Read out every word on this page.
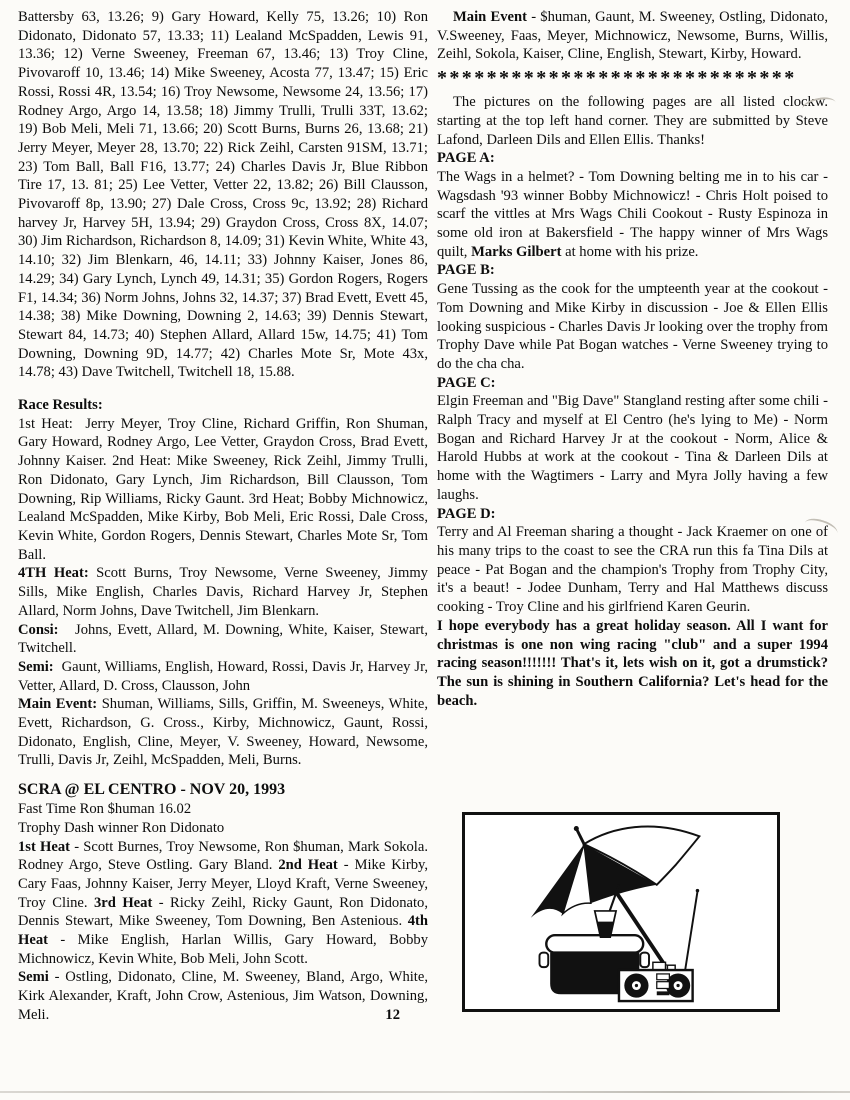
Battersby 63, 13.26; 9) Gary Howard, Kelly 75, 13.26; 10) Ron Didonato, Didonato 57, 13.33; 11) Lealand McSpadden, Lewis 91, 13.36; 12) Verne Sweeney, Freeman 67, 13.46; 13) Troy Cline, Pivovaroff 10, 13.46; 14) Mike Sweeney, Acosta 77, 13.47; 15) Eric Rossi, Rossi 4R, 13.54; 16) Troy Newsome, Newsome 24, 13.56; 17) Rodney Argo, Argo 14, 13.58; 18) Jimmy Trulli, Trulli 33T, 13.62; 19) Bob Meli, Meli 71, 13.66; 20) Scott Burns, Burns 26, 13.68; 21) Jerry Meyer, Meyer 28, 13.70; 22) Rick Zeihl, Carsten 91SM, 13.71; 23) Tom Ball, Ball F16, 13.77; 24) Charles Davis Jr, Blue Ribbon Tire 17, 13. 81; 25) Lee Vetter, Vetter 22, 13.82; 26) Bill Clausson, Pivovaroff 8p, 13.90; 27) Dale Cross, Cross 9c, 13.92; 28) Richard harvey Jr, Harvey 5H, 13.94; 29) Graydon Cross, Cross 8X, 14.07; 30) Jim Richardson, Richardson 8, 14.09; 31) Kevin White, White 43, 14.10; 32) Jim Blenkarn, 46, 14.11; 33) Johnny Kaiser, Jones 86, 14.29; 34) Gary Lynch, Lynch 49, 14.31; 35) Gordon Rogers, Rogers F1, 14.34; 36) Norm Johns, Johns 32, 14.37; 37) Brad Evett, Evett 45, 14.38; 38) Mike Downing, Downing 2, 14.63; 39) Dennis Stewart, Stewart 84, 14.73; 40) Stephen Allard, Allard 15w, 14.75; 41) Tom Downing, Downing 9D, 14.77; 42) Charles Mote Sr, Mote 43x, 14.78; 43) Dave Twitchell, Twitchell 18, 15.88.

Race Results:

1st Heat:  Jerry Meyer, Troy Cline, Richard Griffin, Ron Shuman, Gary Howard, Rodney Argo, Lee Vetter, Graydon Cross, Brad Evett, Johnny Kaiser. 2nd Heat: Mike Sweeney, Rick Zeihl, Jimmy Trulli, Ron Didonato, Gary Lynch, Jim Richardson, Bill Clausson, Tom Downing, Rip Williams, Ricky Gaunt. 3rd Heat; Bobby Michnowicz, Lealand McSpadden, Mike Kirby, Bob Meli, Eric Rossi, Dale Cross, Kevin White, Gordon Rogers, Dennis Stewart, Charles Mote Sr, Tom Ball.

4TH Heat: Scott Burns, Troy Newsome, Verne Sweeney, Jimmy Sills, Mike English, Charles Davis, Richard Harvey Jr, Stephen Allard, Norm Johns, Dave Twitchell, Jim Blenkarn.

Consi:   Johns, Evett, Allard, M. Downing, White, Kaiser, Stewart, Twitchell.

Semi:  Gaunt, Williams, English, Howard, Rossi, Davis Jr, Harvey Jr, Vetter, Allard, D. Cross, Clausson, John

Main Event: Shuman, Williams, Sills, Griffin, M. Sweeneys, White, Evett, Richardson, G. Cross., Kirby, Michnowicz, Gaunt, Rossi, Didonato, English, Cline, Meyer, V. Sweeney, Howard, Newsome, Trulli, Davis Jr, Zeihl, McSpadden, Meli, Burns.

SCRA @ EL CENTRO - NOV 20, 1993

Fast Time Ron $human 16.02

Trophy Dash winner Ron Didonato

1st Heat - Scott Burnes, Troy Newsome, Ron $human, Mark Sokola. Rodney Argo, Steve Ostling. Gary Bland. 2nd Heat - Mike Kirby, Cary Faas, Johnny Kaiser, Jerry Meyer, Lloyd Kraft, Verne Sweeney, Troy Cline. 3rd Heat - Ricky Zeihl, Ricky Gaunt, Ron Didonato, Dennis Stewart, Mike Sweeney, Tom Downing, Ben Astenious. 4th Heat - Mike English, Harlan Willis, Gary Howard, Bobby Michnowicz, Kevin White, Bob Meli, John Scott.

Semi - Ostling, Didonato, Cline, M. Sweeney, Bland, Argo, White, Kirk Alexander, Kraft, John Crow, Astenious, Jim Watson, Downing, Meli.	12

Main Event - $human, Gaunt, M. Sweeney, Ostling, Didonato, V.Sweeney, Faas, Meyer, Michnowicz, Newsome, Burns, Willis, Zeihl, Sokola, Kaiser, Cline, English, Stewart, Kirby, Howard.

*****************************

The pictures on the following pages are all listed clockw. starting at the top left hand corner. They are submitted by Steve Lafond, Darleen Dils and Ellen Ellis. Thanks!

PAGE A:

The Wags in a helmet? - Tom Downing belting me in to his car - Wagsdash '93 winner Bobby Michnowicz! - Chris Holt poised to scarf the vittles at Mrs Wags Chili Cookout - Rusty Espinoza in some old iron at Bakersfield - The happy winner of Mrs Wags quilt, Marks Gilbert at home with his prize.

PAGE B:

Gene Tussing as the cook for the umpteenth year at the cookout - Tom Downing and Mike Kirby in discussion - Joe & Ellen Ellis looking suspicious - Charles Davis Jr looking over the trophy from Trophy Dave while Pat Bogan watches - Verne Sweeney trying to do the cha cha.

PAGE C:

Elgin Freeman and "Big Dave" Stangland resting after some chili - Ralph Tracy and myself at El Centro (he's lying to Me) - Norm Bogan and Richard Harvey Jr at the cookout - Norm, Alice & Harold Hubbs at work at the cookout - Tina & Darleen Dils at home with the Wagtimers - Larry and Myra Jolly having a few laughs.

PAGE D:

Terry and Al Freeman sharing a thought - Jack Kraemer on one of his many trips to the coast to see the CRA run this fa Tina Dils at peace - Pat Bogan and the champion's Trophy from Trophy City, it's a beaut! - Jodee Dunham, Terry and Hal Matthews discuss cooking - Troy Cline and his girlfriend Karen Geurin.

I hope everybody has a great holiday season. All I want for christmas is one non wing racing "club" and a super 1994 racing season!!!!!!! That's it, lets wish on it, got a drumstick? The sun is shining in Southern California? Let's head for the beach.
